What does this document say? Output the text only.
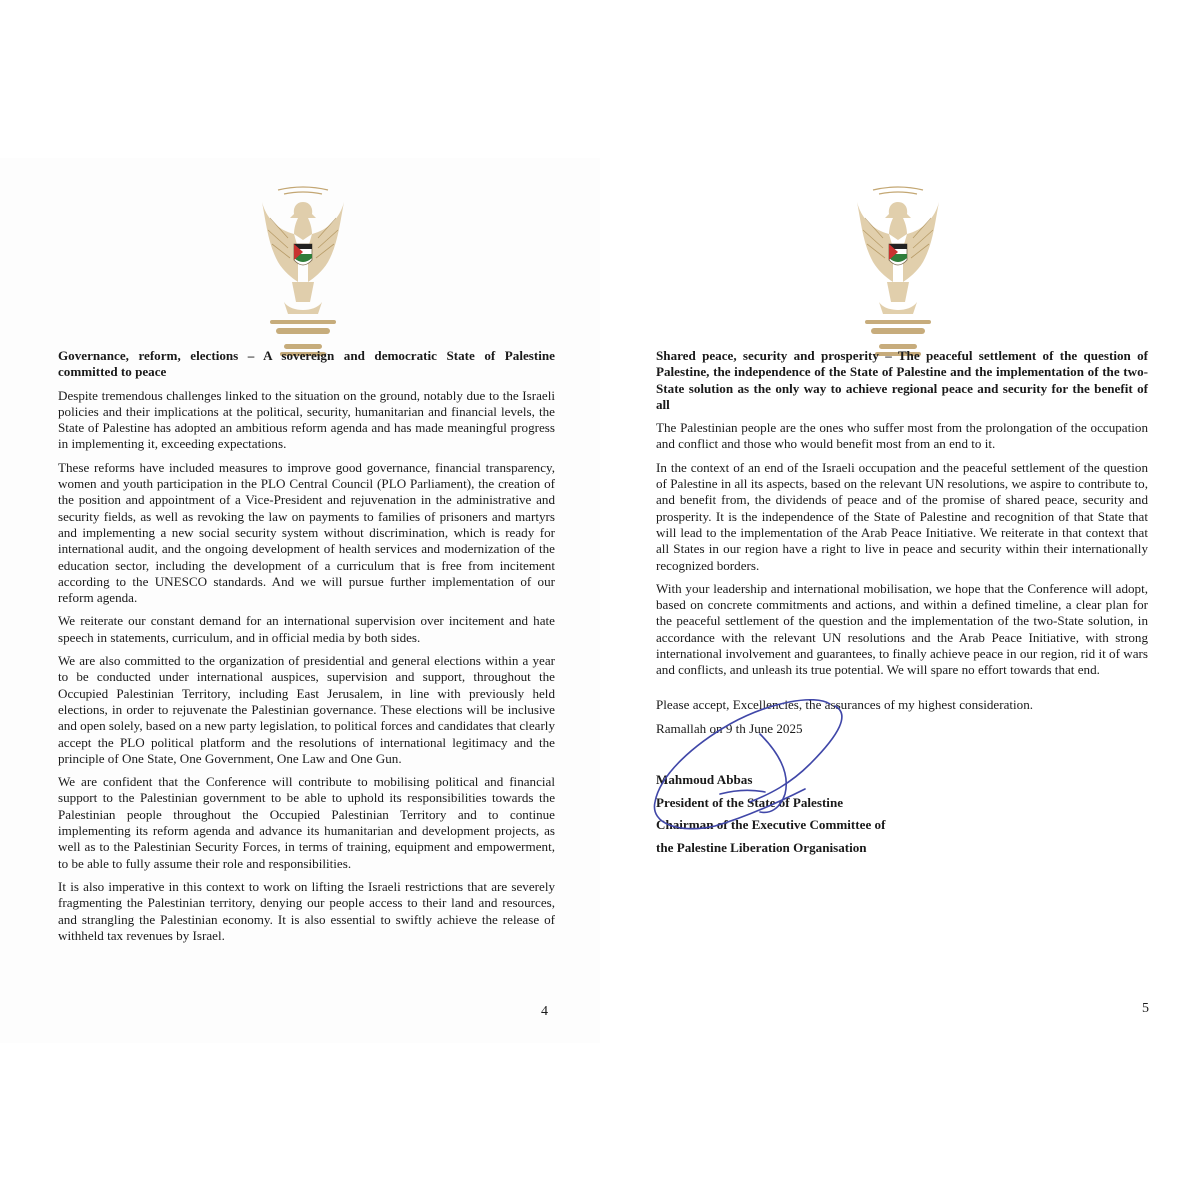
Governance, reform, elections – A sovereign and democratic State of Palestine committed to peace

Despite tremendous challenges linked to the situation on the ground, notably due to the Israeli policies and their implications at the political, security, humanitarian and financial levels, the State of Palestine has adopted an ambitious reform agenda and has made meaningful progress in implementing it, exceeding expectations.

These reforms have included measures to improve good governance, financial transparency, women and youth participation in the PLO Central Council (PLO Parliament), the creation of the position and appointment of a Vice-President and rejuvenation in the administrative and security fields, as well as revoking the law on payments to families of prisoners and martyrs and implementing a new social security system without discrimination, which is ready for international audit, and the ongoing development of health services and modernization of the education sector, including the development of a curriculum that is free from incitement according to the UNESCO standards. And we will pursue further implementation of our reform agenda.

We reiterate our constant demand for an international supervision over incitement and hate speech in statements, curriculum, and in official media by both sides.

We are also committed to the organization of presidential and general elections within a year to be conducted under international auspices, supervision and support, throughout the Occupied Palestinian Territory, including East Jerusalem, in line with previously held elections, in order to rejuvenate the Palestinian governance. These elections will be inclusive and open solely, based on a new party legislation, to political forces and candidates that clearly accept the PLO political platform and the resolutions of international legitimacy and the principle of One State, One Government, One Law and One Gun.

We are confident that the Conference will contribute to mobilising political and financial support to the Palestinian government to be able to uphold its responsibilities towards the Palestinian people throughout the Occupied Palestinian Territory and to continue implementing its reform agenda and advance its humanitarian and development projects, as well as to the Palestinian Security Forces, in terms of training, equipment and empowerment, to be able to fully assume their role and responsibilities.

It is also imperative in this context to work on lifting the Israeli restrictions that are severely fragmenting the Palestinian territory, denying our people access to their land and resources, and strangling the Palestinian economy. It is also essential to swiftly achieve the release of withheld tax revenues by Israel.

4

Shared peace, security and prosperity – The peaceful settlement of the question of Palestine, the independence of the State of Palestine and the implementation of the two-State solution as the only way to achieve regional peace and security for the benefit of all

The Palestinian people are the ones who suffer most from the prolongation of the occupation and conflict and those who would benefit most from an end to it.

In the context of an end of the Israeli occupation and the peaceful settlement of the question of Palestine in all its aspects, based on the relevant UN resolutions, we aspire to contribute to, and benefit from, the dividends of peace and of the promise of shared peace, security and prosperity. It is the independence of the State of Palestine and recognition of that State that will lead to the implementation of the Arab Peace Initiative. We reiterate in that context that all States in our region have a right to live in peace and security within their internationally recognized borders.

With your leadership and international mobilisation, we hope that the Conference will adopt, based on concrete commitments and actions, and within a defined timeline, a clear plan for the peaceful settlement of the question and the implementation of the two-State solution, in accordance with the relevant UN resolutions and the Arab Peace Initiative, with strong international involvement and guarantees, to finally achieve peace in our region, rid it of wars and conflicts, and unleash its true potential. We will spare no effort towards that end.

Please accept, Excellencies, the assurances of my highest consideration.

Ramallah on 9 th June 2025

Mahmoud Abbas
President of the State of Palestine
Chairman of the Executive Committee of
the Palestine Liberation Organisation
5
